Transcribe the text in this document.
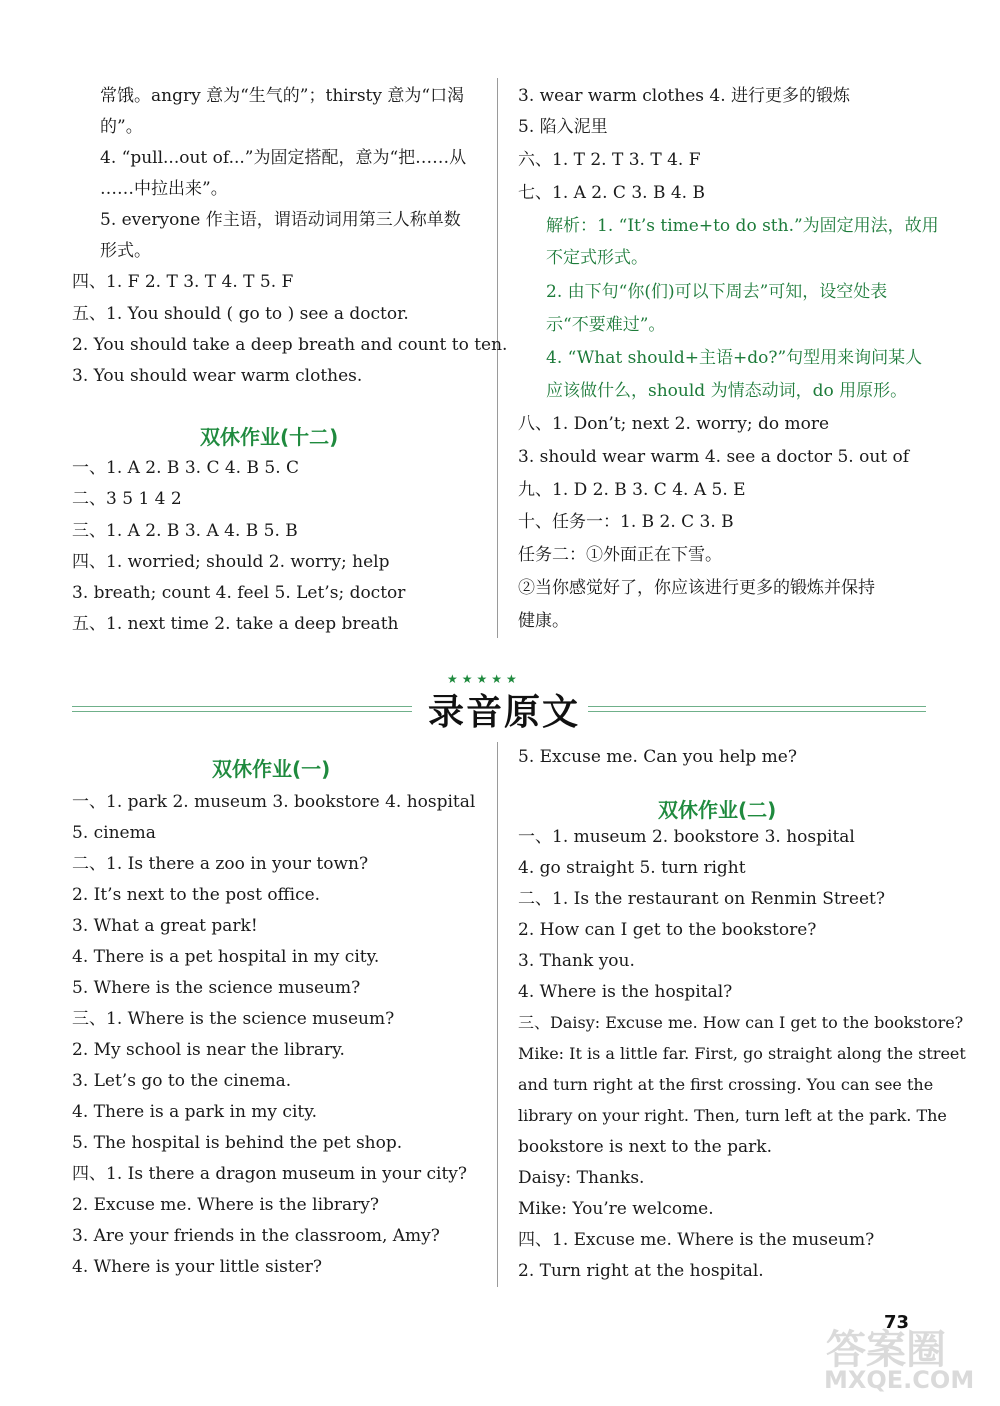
常饿。angry 意为“生气的”；thirsty 意为“口渴
的”。
4. “pull...out of...”为固定搭配，意为“把……从
……中拉出来”。
5. everyone 作主语，谓语动词用第三人称单数
形式。
四、1. F 2. T 3. T 4. T 5. F
五、1. You should ( go to ) see a doctor.
2. You should take a deep breath and count to ten.
3. You should wear warm clothes.
双休作业(十二)
一、1. A 2. B 3. C 4. B 5. C
二、3 5 1 4 2
三、1. A 2. B 3. A 4. B 5. B
四、1. worried; should 2. worry; help
3. breath; count 4. feel 5. Let’s; doctor
五、1. next time 2. take a deep breath
3. wear warm clothes 4. 进行更多的锻炼
5. 陷入泥里
六、1. T 2. T 3. T 4. F
七、1. A 2. C 3. B 4. B
解析：1. “It’s time+to do sth.”为固定用法，故用
不定式形式。
2. 由下句“你(们)可以下周去”可知，设空处表
示“不要难过”。
4. “What should+主语+do?”句型用来询问某人
应该做什么，should 为情态动词，do 用原形。
八、1. Don’t; next 2. worry; do more
3. should wear warm 4. see a doctor 5. out of
九、1. D 2. B 3. C 4. A 5. E
十、任务一：1. B 2. C 3. B
任务二：①外面正在下雪。
②当你感觉好了，你应该进行更多的锻炼并保持
健康。
★★★★★
录音原文
双休作业(一)
一、1. park 2. museum 3. bookstore 4. hospital
5. cinema
二、1. Is there a zoo in your town?
2. It’s next to the post office.
3. What a great park!
4. There is a pet hospital in my city.
5. Where is the science museum?
三、1. Where is the science museum?
2. My school is near the library.
3. Let’s go to the cinema.
4. There is a park in my city.
5. The hospital is behind the pet shop.
四、1. Is there a dragon museum in your city?
2. Excuse me. Where is the library?
3. Are your friends in the classroom, Amy?
4. Where is your little sister?
5. Excuse me. Can you help me?
双休作业(二)
一、1. museum 2. bookstore 3. hospital
4. go straight 5. turn right
二、1. Is the restaurant on Renmin Street?
2. How can I get to the bookstore?
3. Thank you.
4. Where is the hospital?
三、Daisy: Excuse me. How can I get to the bookstore?
Mike: It is a little far. First, go straight along the street
and turn right at the first crossing. You can see the
library on your right. Then, turn left at the park. The
bookstore is next to the park.
Daisy: Thanks.
Mike: You’re welcome.
四、1. Excuse me. Where is the museum?
2. Turn right at the hospital.
73
答案圈
MXQE.COM
